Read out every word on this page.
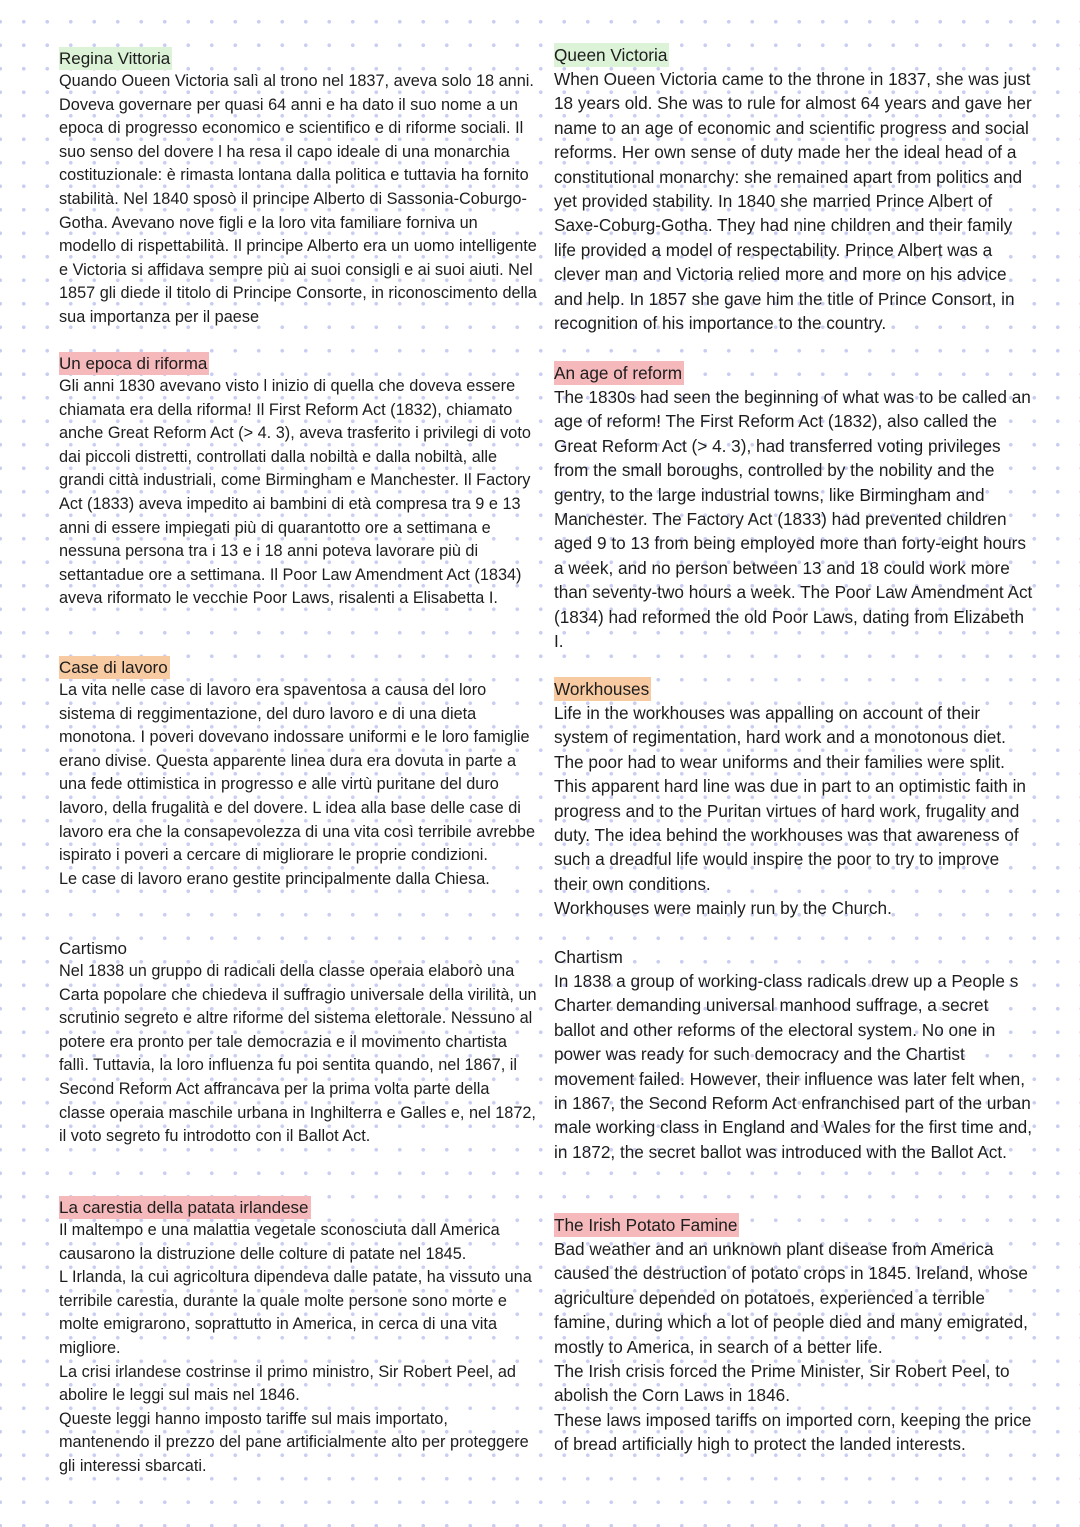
Regina Vittoria

Quando Oueen Victoria salì al trono nel 1837, aveva solo 18 anni. Doveva governare per quasi 64 anni e ha dato il suo nome a un epoca di progresso economico e scientifico e di riforme sociali. Il suo senso del dovere l ha resa il capo ideale di una monarchia costituzionale: è rimasta lontana dalla politica e tuttavia ha fornito stabilità. Nel 1840 sposò il principe Alberto di Sassonia-Coburgo-Gotha. Avevano nove figli e la loro vita familiare forniva un modello di rispettabilità. Il principe Alberto era un uomo intelligente e Victoria si affidava sempre più ai suoi consigli e ai suoi aiuti. Nel 1857 gli diede il titolo di Principe Consorte, in riconoscimento della sua importanza per il paese

Un epoca di riforma

Gli anni 1830 avevano visto l inizio di quella che doveva essere chiamata era della riforma! Il First Reform Act (1832), chiamato anche Great Reform Act (> 4. 3), aveva trasferito i privilegi di voto dai piccoli distretti, controllati dalla nobiltà e dalla nobiltà, alle grandi città industriali, come Birmingham e Manchester. Il Factory Act (1833) aveva impedito ai bambini di età compresa tra 9 e 13 anni di essere impiegati più di quarantotto ore a settimana e nessuna persona tra i 13 e i 18 anni poteva lavorare più di settantadue ore a settimana. Il Poor Law Amendment Act (1834) aveva riformato le vecchie Poor Laws, risalenti a Elisabetta I.

Case di lavoro

La vita nelle case di lavoro era spaventosa a causa del loro sistema di reggimentazione, del duro lavoro e di una dieta monotona. I poveri dovevano indossare uniformi e le loro famiglie erano divise. Questa apparente linea dura era dovuta in parte a una fede ottimistica in progresso e alle virtù puritane del duro lavoro, della frugalità e del dovere. L idea alla base delle case di lavoro era che la consapevolezza di una vita così terribile avrebbe ispirato i poveri a cercare di migliorare le proprie condizioni.
Le case di lavoro erano gestite principalmente dalla Chiesa.

Cartismo

Nel 1838 un gruppo di radicali della classe operaia elaborò una Carta popolare che chiedeva il suffragio universale della virilità, un scrutinio segreto e altre riforme del sistema elettorale. Nessuno al potere era pronto per tale democrazia e il movimento chartista fallì. Tuttavia, la loro influenza fu poi sentita quando, nel 1867, il Second Reform Act affrancava per la prima volta parte della classe operaia maschile urbana in Inghilterra e Galles e, nel 1872, il voto segreto fu introdotto con il Ballot Act.

La carestia della patata irlandese

Il maltempo e una malattia vegetale sconosciuta dall America causarono la distruzione delle colture di patate nel 1845.
L Irlanda, la cui agricoltura dipendeva dalle patate, ha vissuto una terribile carestia, durante la quale molte persone sono morte e molte emigrarono, soprattutto in America, in cerca di una vita migliore.
La crisi irlandese costrinse il primo ministro, Sir Robert Peel, ad abolire le leggi sul mais nel 1846.
Queste leggi hanno imposto tariffe sul mais importato, mantenendo il prezzo del pane artificialmente alto per proteggere gli interessi sbarcati.

Queen Victoria

When Oueen Victoria came to the throne in 1837, she was just 18 years old. She was to rule for almost 64 years and gave her name to an age of economic and scientific progress and social reforms. Her own sense of duty made her the ideal head of a constitutional monarchy: she remained apart from politics and yet provided stability. In 1840 she married Prince Albert of Saxe-Coburg-Gotha. They had nine children and their family life provided a model of respectability. Prince Albert was a clever man and Victoria relied more and more on his advice and help. In 1857 she gave him the title of Prince Consort, in recognition of his importance to the country.

An age of reform

The 1830s had seen the beginning of what was to be called an age of reform! The First Reform Act (1832), also called the Great Reform Act (> 4. 3), had transferred voting privileges from the small boroughs, controlled by the nobility and the gentry, to the large industrial towns, like Birmingham and Manchester. The Factory Act (1833) had prevented children aged 9 to 13 from being employed more than forty-eight hours a week, and no person between 13 and 18 could work more than seventy-two hours a week. The Poor Law Amendment Act (1834) had reformed the old Poor Laws, dating from Elizabeth I.

Workhouses

Life in the workhouses was appalling on account of their system of regimentation, hard work and a monotonous diet. The poor had to wear uniforms and their families were split. This apparent hard line was due in part to an optimistic faith in progress and to the Puritan virtues of hard work, frugality and duty. The idea behind the workhouses was that awareness of such a dreadful life would inspire the poor to try to improve their own conditions.
Workhouses were mainly run by the Church.

Chartism

In 1838 a group of working-class radicals drew up a People s Charter demanding universal manhood suffrage, a secret ballot and other reforms of the electoral system. No one in power was ready for such democracy and the Chartist movement failed. However, their influence was later felt when, in 1867, the Second Reform Act enfranchised part of the urban male working class in England and Wales for the first time and, in 1872, the secret ballot was introduced with the Ballot Act.

The Irish Potato Famine

Bad weather and an unknown plant disease from America caused the destruction of potato crops in 1845. Ireland, whose agriculture depended on potatoes, experienced a terrible famine, during which a lot of people died and many emigrated, mostly to America, in search of a better life.
The Irish crisis forced the Prime Minister, Sir Robert Peel, to abolish the Corn Laws in 1846.
These laws imposed tariffs on imported corn, keeping the price of bread artificially high to protect the landed interests.
